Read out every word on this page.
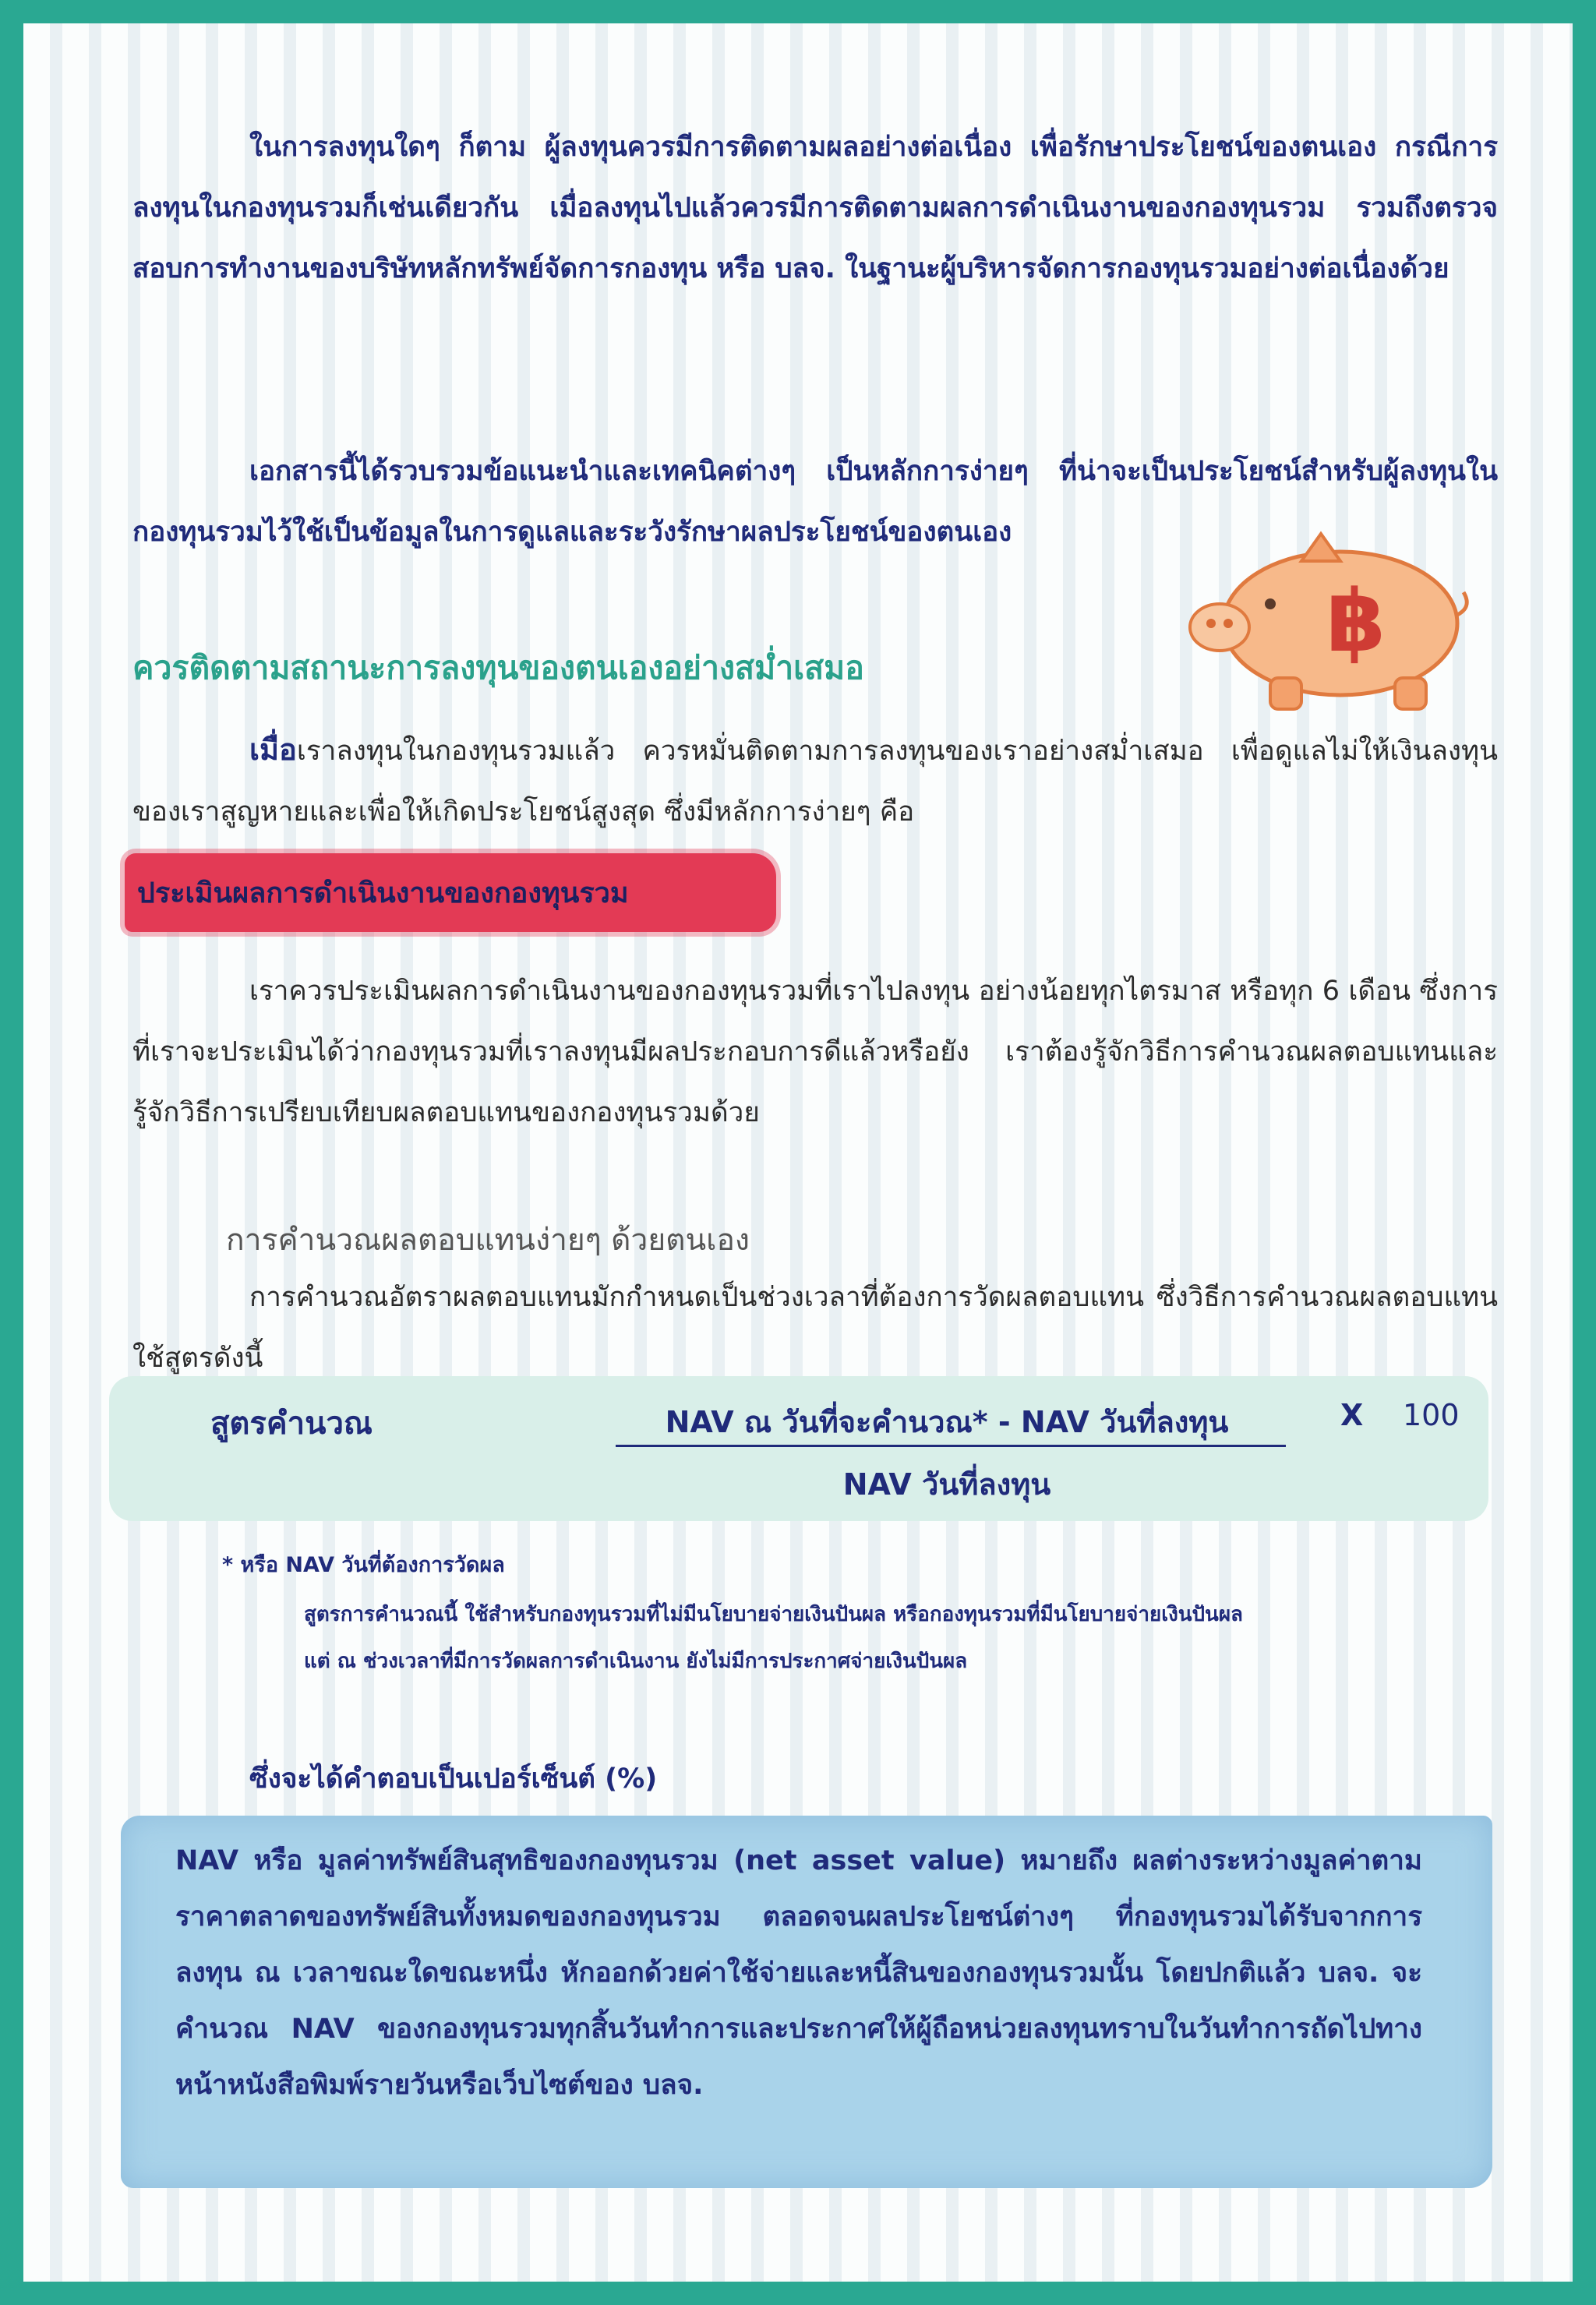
ในการลงทุนใดๆ ก็ตาม ผู้ลงทุนควรมีการติดตามผลอย่างต่อเนื่อง เพื่อรักษาประโยชน์ของตนเอง กรณีการลงทุนในกองทุนรวมก็เช่นเดียวกัน เมื่อลงทุนไปแล้วควรมีการติดตามผลการดำเนินงานของกองทุนรวม รวมถึงตรวจสอบการทำงานของบริษัทหลักทรัพย์จัดการกองทุน หรือ บลจ. ในฐานะผู้บริหารจัดการกองทุนรวมอย่างต่อเนื่องด้วย
เอกสารนี้ได้รวบรวมข้อแนะนำและเทคนิคต่างๆ เป็นหลักการง่ายๆ ที่น่าจะเป็นประโยชน์สำหรับผู้ลงทุนในกองทุนรวมไว้ใช้เป็นข้อมูลในการดูแลและระวังรักษาผลประโยชน์ของตนเอง
฿
ควรติดตามสถานะการลงทุนของตนเองอย่างสม่ำเสมอ
เมื่อเราลงทุนในกองทุนรวมแล้ว ควรหมั่นติดตามการลงทุนของเราอย่างสม่ำเสมอ เพื่อดูแลไม่ให้เงินลงทุนของเราสูญหายและเพื่อให้เกิดประโยชน์สูงสุด ซึ่งมีหลักการง่ายๆ คือ
ประเมินผลการดำเนินงานของกองทุนรวม
เราควรประเมินผลการดำเนินงานของกองทุนรวมที่เราไปลงทุน อย่างน้อยทุกไตรมาส หรือทุก 6 เดือน ซึ่งการที่เราจะประเมินได้ว่ากองทุนรวมที่เราลงทุนมีผลประกอบการดีแล้วหรือยัง เราต้องรู้จักวิธีการคำนวณผลตอบแทนและรู้จักวิธีการเปรียบเทียบผลตอบแทนของกองทุนรวมด้วย
การคำนวณผลตอบแทนง่ายๆ ด้วยตนเอง
การคำนวณอัตราผลตอบแทนมักกำหนดเป็นช่วงเวลาที่ต้องการวัดผลตอบแทน ซึ่งวิธีการคำนวณผลตอบแทนใช้สูตรดังนี้
สูตรคำนวณ	NAV ณ วันที่จะคำนวณ* - NAV วันที่ลงทุน
NAV วันที่ลงทุน
X 100
* หรือ NAV วันที่ต้องการวัดผล
สูตรการคำนวณนี้ ใช้สำหรับกองทุนรวมที่ไม่มีนโยบายจ่ายเงินปันผล หรือกองทุนรวมที่มีนโยบายจ่ายเงินปันผล
แต่ ณ ช่วงเวลาที่มีการวัดผลการดำเนินงาน ยังไม่มีการประกาศจ่ายเงินปันผล
ซึ่งจะได้คำตอบเป็นเปอร์เซ็นต์ (%)
NAV หรือ มูลค่าทรัพย์สินสุทธิของกองทุนรวม (net asset value) หมายถึง ผลต่างระหว่างมูลค่าตามราคาตลาดของทรัพย์สินทั้งหมดของกองทุนรวม ตลอดจนผลประโยชน์ต่างๆ ที่กองทุนรวมได้รับจากการลงทุน ณ เวลาขณะใดขณะหนึ่ง หักออกด้วยค่าใช้จ่ายและหนี้สินของกองทุนรวมนั้น โดยปกติแล้ว บลจ. จะคำนวณ NAV ของกองทุนรวมทุกสิ้นวันทำการและประกาศให้ผู้ถือหน่วยลงทุนทราบในวันทำการถัดไปทางหน้าหนังสือพิมพ์รายวันหรือเว็บไซต์ของ บลจ.
